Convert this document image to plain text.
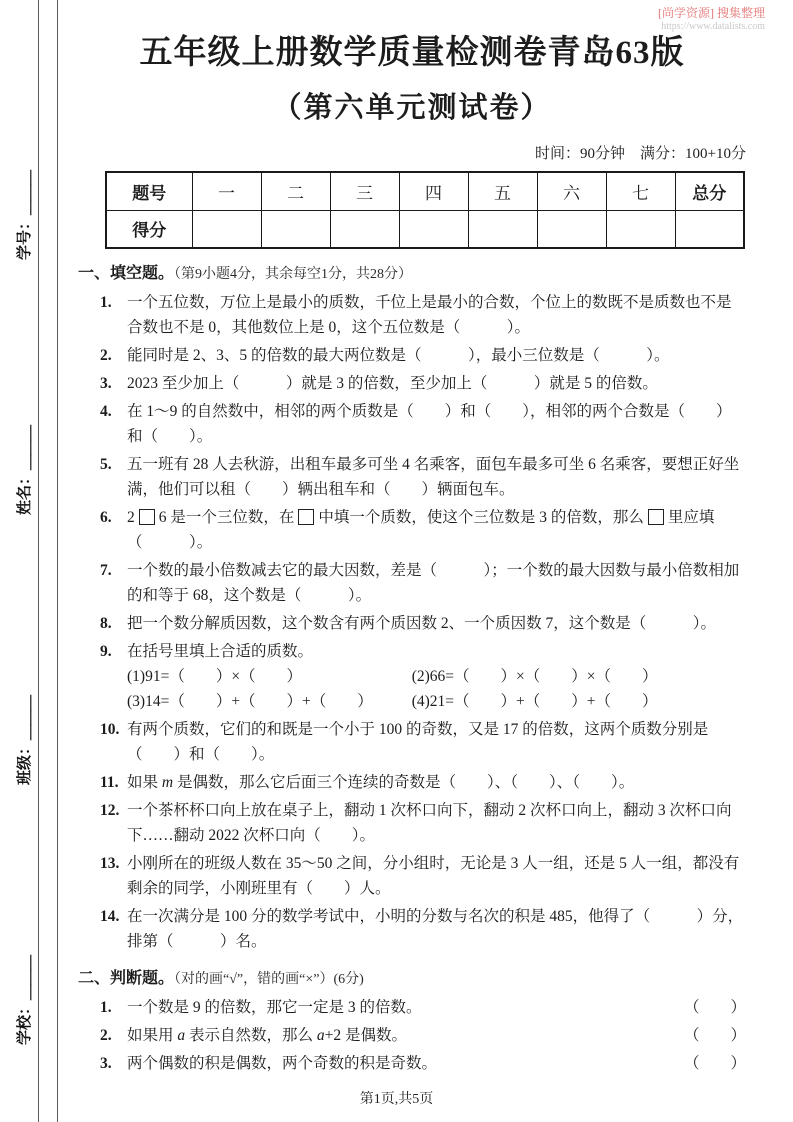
[尚学资源] 搜集整理
https://www.datalists.com
学号：＿＿＿
姓名：＿＿＿
班级：＿＿＿
学校：＿＿＿
五年级上册数学质量检测卷青岛63版
（第六单元测试卷）
时间：90分钟　满分：100+10分
题号	一	二	三	四	五	六	七	总分
得分								
一、填空题。（第9小题4分，其余每空1分，共28分）
1. 一个五位数，万位上是最小的质数，千位上是最小的合数，个位上的数既不是质数也不是合数也不是 0，其他数位上是 0，这个五位数是（　　　）。
2. 能同时是 2、3、5 的倍数的最大两位数是（　　　），最小三位数是（　　　）。
3. 2023 至少加上（　　　）就是 3 的倍数，至少加上（　　　）就是 5 的倍数。
4. 在 1～9 的自然数中，相邻的两个质数是（　　）和（　　），相邻的两个合数是（　　）和（　　）。
5. 五一班有 28 人去秋游，出租车最多可坐 4 名乘客，面包车最多可坐 6 名乘客，要想正好坐满，他们可以租（　　）辆出租车和（　　）辆面包车。
6. 2 6 是一个三位数，在 中填一个质数，使这个三位数是 3 的倍数，那么 里应填（　　　）。
7. 一个数的最小倍数减去它的最大因数，差是（　　　）；一个数的最大因数与最小倍数相加的和等于 68，这个数是（　　　）。
8. 把一个数分解质因数，这个数含有两个质因数 2、一个质因数 7，这个数是（　　　）。
9. 在括号里填上合适的质数。
(1)91=（　　）×（　　）	(2)66=（　　）×（　　）×（　　）
(3)14=（　　）+（　　）+（　　）	(4)21=（　　）+（　　）+（　　）
10. 有两个质数，它们的和既是一个小于 100 的奇数，又是 17 的倍数，这两个质数分别是（　　）和（　　）。
11. 如果 m 是偶数，那么它后面三个连续的奇数是（　　）、（　　）、（　　）。
12. 一个茶杯杯口向上放在桌子上，翻动 1 次杯口向下，翻动 2 次杯口向上，翻动 3 次杯口向下……翻动 2022 次杯口向（　　）。
13. 小刚所在的班级人数在 35～50 之间，分小组时，无论是 3 人一组，还是 5 人一组，都没有剩余的同学，小刚班里有（　　）人。
14. 在一次满分是 100 分的数学考试中，小明的分数与名次的积是 485，他得了（　　　）分，排第（　　　）名。
二、判断题。（对的画“√”，错的画“×”）(6分)
1. 一个数是 9 的倍数，那它一定是 3 的倍数。	（　　）
2. 如果用 a 表示自然数，那么 a+2 是偶数。	（　　）
3. 两个偶数的积是偶数，两个奇数的积是奇数。	（　　）
第1页,共5页
